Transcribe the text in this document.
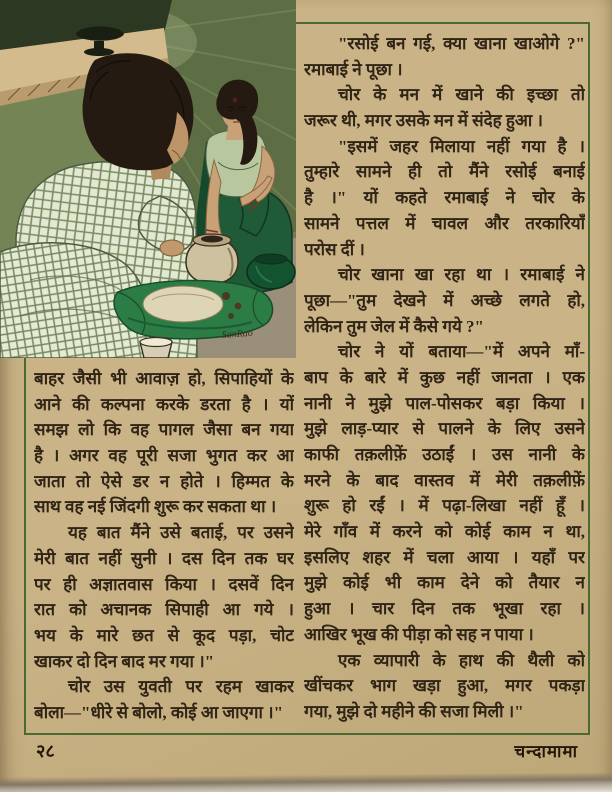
SanRao
"रसोई बन गई, क्या खाना खाओगे ?"
रमाबाई ने पूछा ।
चोर के मन में खाने की इच्छा तो
जरूर थी, मगर उसके मन में संदेह हुआ ।
"इसमें जहर मिलाया नहीं गया है ।
तुम्हारे सामने ही तो मैंने रसोई बनाई
है ।" यों कहते रमाबाई ने चोर के
सामने पत्तल में चावल और तरकारियाँ
परोस दीं ।
चोर खाना खा रहा था । रमाबाई ने
पूछा—"तुम देखने में अच्छे लगते हो,
लेकिन तुम जेल में कैसे गये ?"
चोर ने यों बताया—"में अपने माँ-
बाप के बारे में कुछ नहीं जानता । एक
नानी ने मुझे पाल-पोसकर बड़ा किया ।
मुझे लाड़-प्यार से पालने के लिए उसने
काफी तक़लीफ़ें उठाईं । उस नानी के
मरने के बाद वास्तव में मेरी तक़लीफ़ें
शुरू हो रईं । में पढ़ा-लिखा नहीं हूँ ।
मेरे गाँव में करने को कोई काम न था,
इसलिए शहर में चला आया । यहाँ पर
मुझे कोई भी काम देने को तैयार न
हुआ । चार दिन तक भूखा रहा ।
आखिर भूख की पीड़ा को सह न पाया ।
एक व्यापारी के हाथ की थैली को
खींचकर भाग खड़ा हुआ, मगर पकड़ा
गया, मुझे दो महीने की सजा मिली ।"
बाहर जैसी भी आवाज़ हो, सिपाहियों के
आने की कल्पना करके डरता है । यों
समझ लो कि वह पागल जैसा बन गया
है । अगर वह पूरी सजा भुगत कर आ
जाता तो ऐसे डर न होते । हिम्मत के
साथ वह नई जिंदगी शुरू कर सकता था ।
यह बात मैंने उसे बताई, पर उसने
मेरी बात नहीं सुनी । दस दिन तक घर
पर ही अज्ञातवास किया । दसवें दिन
रात को अचानक सिपाही आ गये ।
भय के मारे छत से कूद पड़ा, चोट
खाकर दो दिन बाद मर गया ।"
चोर उस युवती पर रहम खाकर
बोला—"धीरे से बोलो, कोई आ जाएगा ।"
२८	चन्दामामा
